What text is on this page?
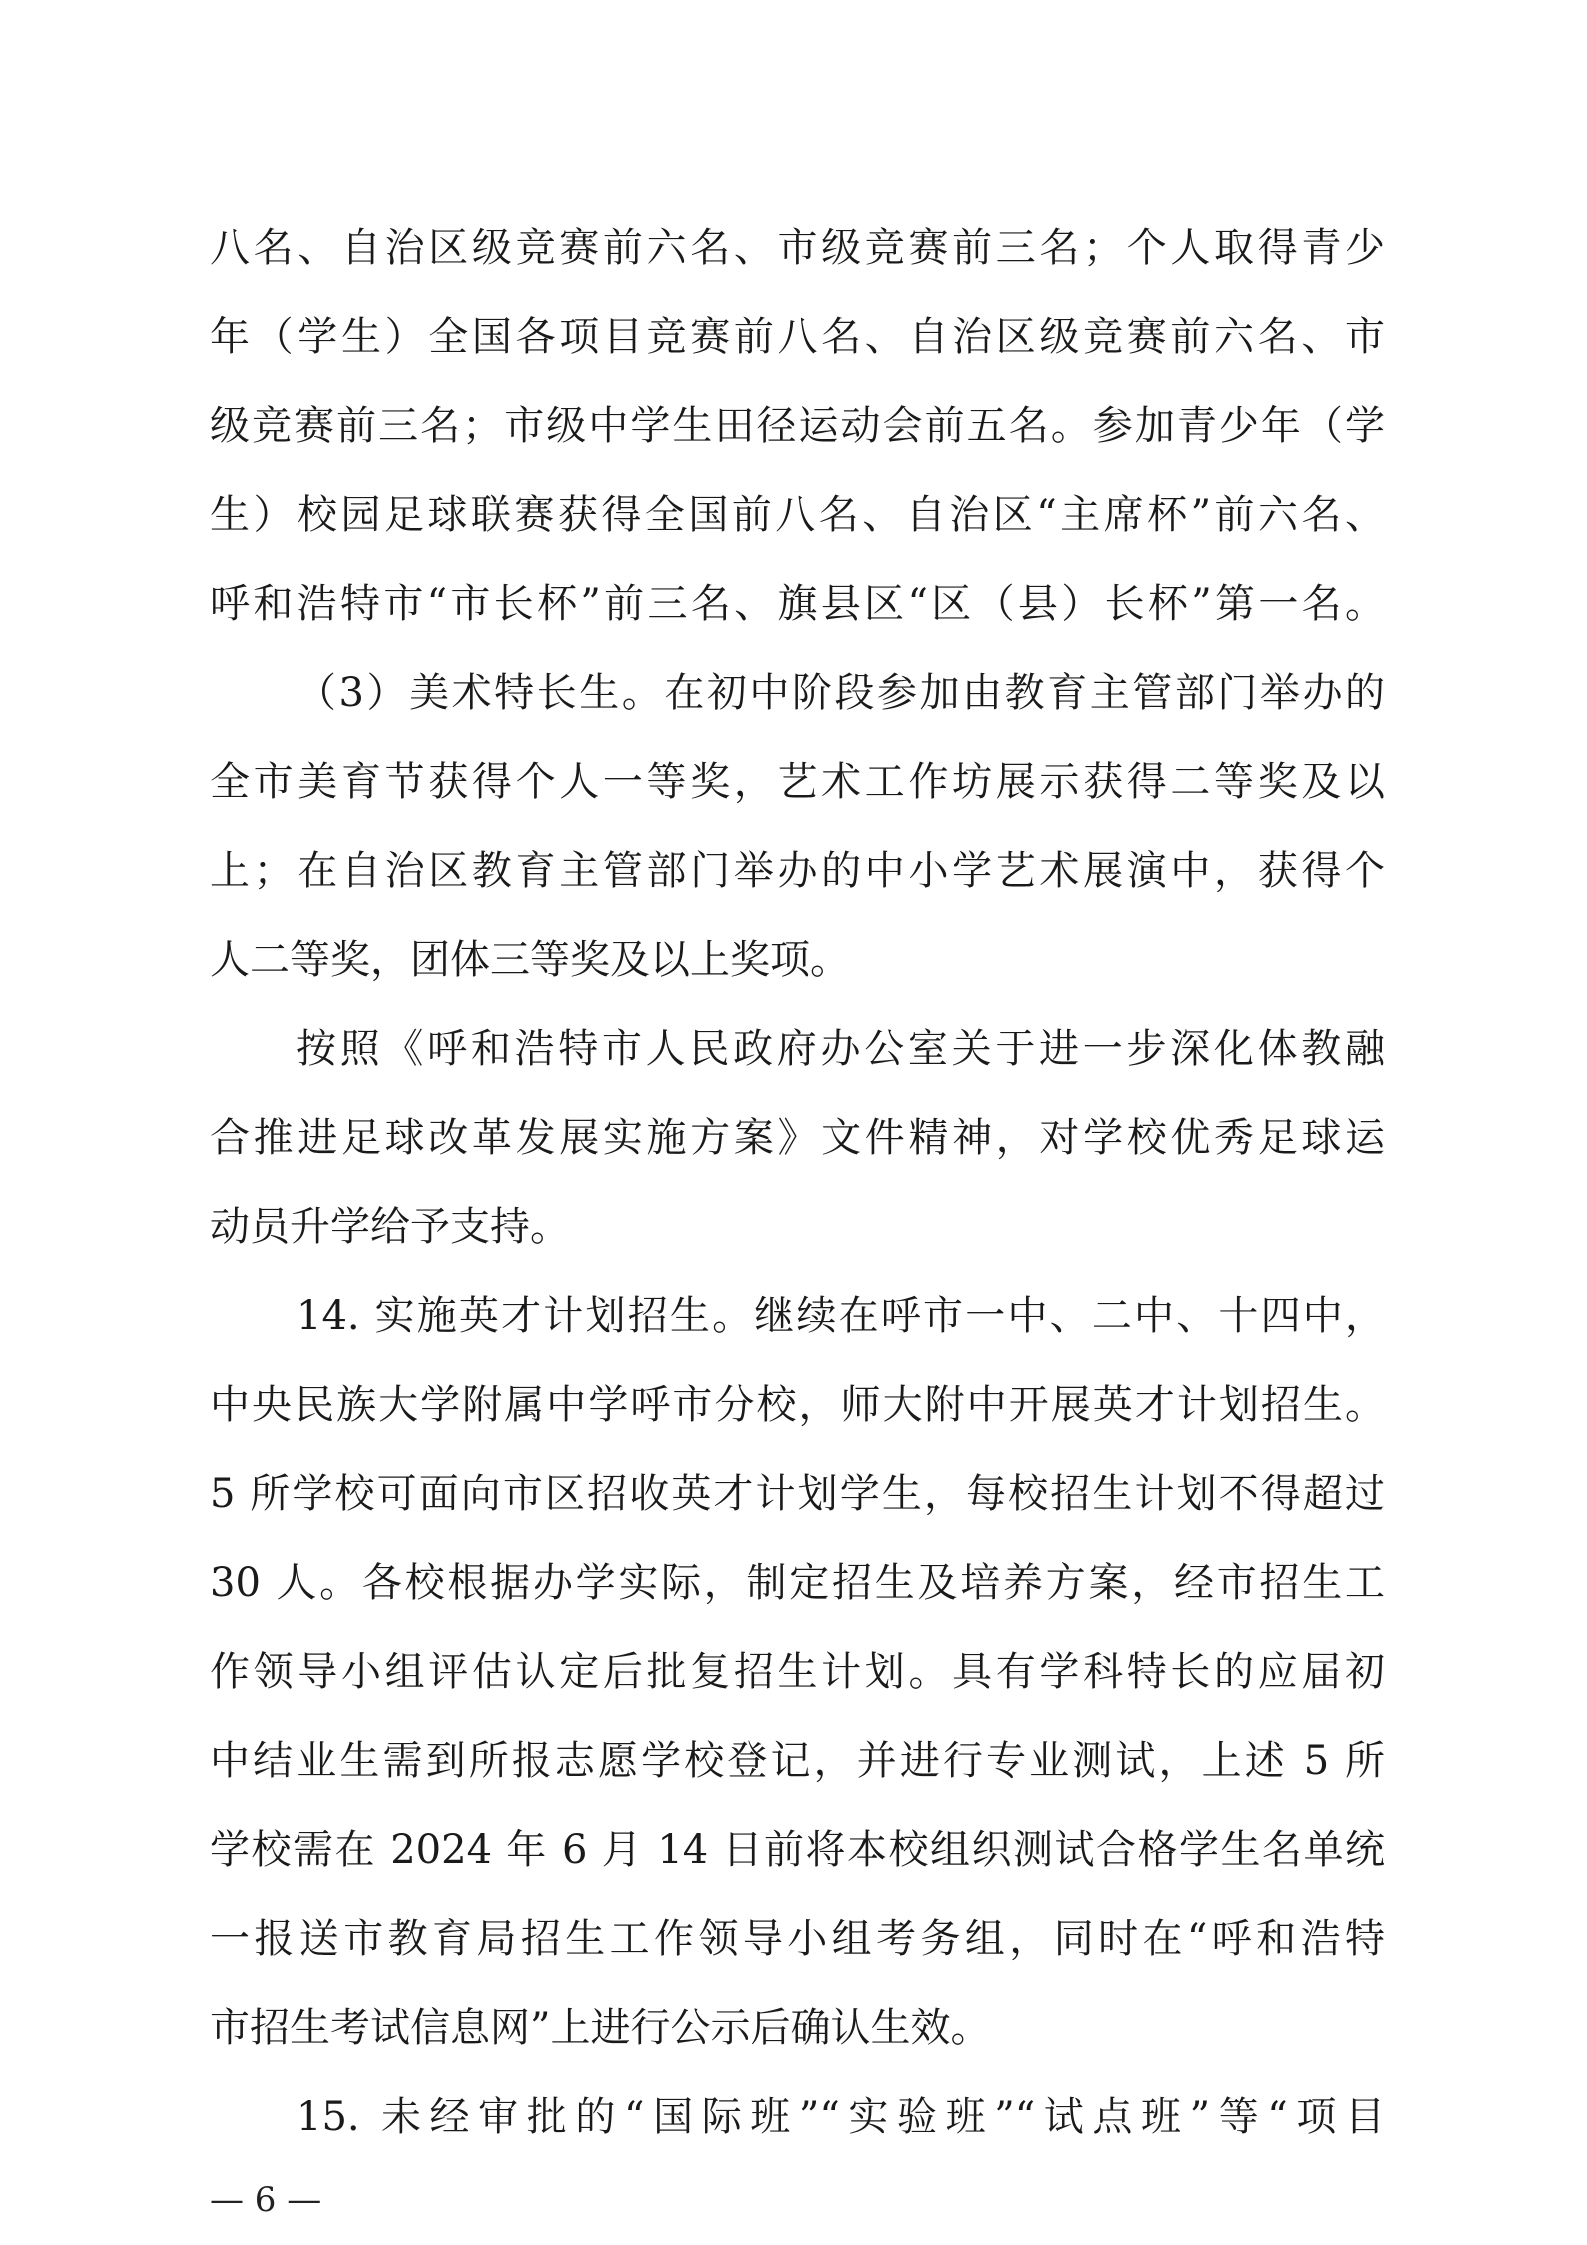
八名、自治区级竞赛前六名、市级竞赛前三名；个人取得青少
年（学生）全国各项目竞赛前八名、自治区级竞赛前六名、市
级竞赛前三名；市级中学生田径运动会前五名。参加青少年（学
生）校园足球联赛获得全国前八名、自治区“主席杯”前六名、
呼和浩特市“市长杯”前三名、旗县区“区（县）长杯”第一名。
（3）美术特长生。在初中阶段参加由教育主管部门举办的
全市美育节获得个人一等奖，艺术工作坊展示获得二等奖及以
上；在自治区教育主管部门举办的中小学艺术展演中，获得个
人二等奖，团体三等奖及以上奖项。
按照《呼和浩特市人民政府办公室关于进一步深化体教融
合推进足球改革发展实施方案》文件精神，对学校优秀足球运
动员升学给予支持。
14. 实施英才计划招生。继续在呼市一中、二中、十四中，
中央民族大学附属中学呼市分校，师大附中开展英才计划招生。
5 所学校可面向市区招收英才计划学生，每校招生计划不得超过
30 人。各校根据办学实际，制定招生及培养方案，经市招生工
作领导小组评估认定后批复招生计划。具有学科特长的应届初
中结业生需到所报志愿学校登记，并进行专业测试，上述 5 所
学校需在 2024 年 6 月 14 日前将本校组织测试合格学生名单统
一报送市教育局招生工作领导小组考务组，同时在“呼和浩特
市招生考试信息网”上进行公示后确认生效。
15. 未经审批的“国际班”“实验班”“试点班”等“项目
— 6 —
